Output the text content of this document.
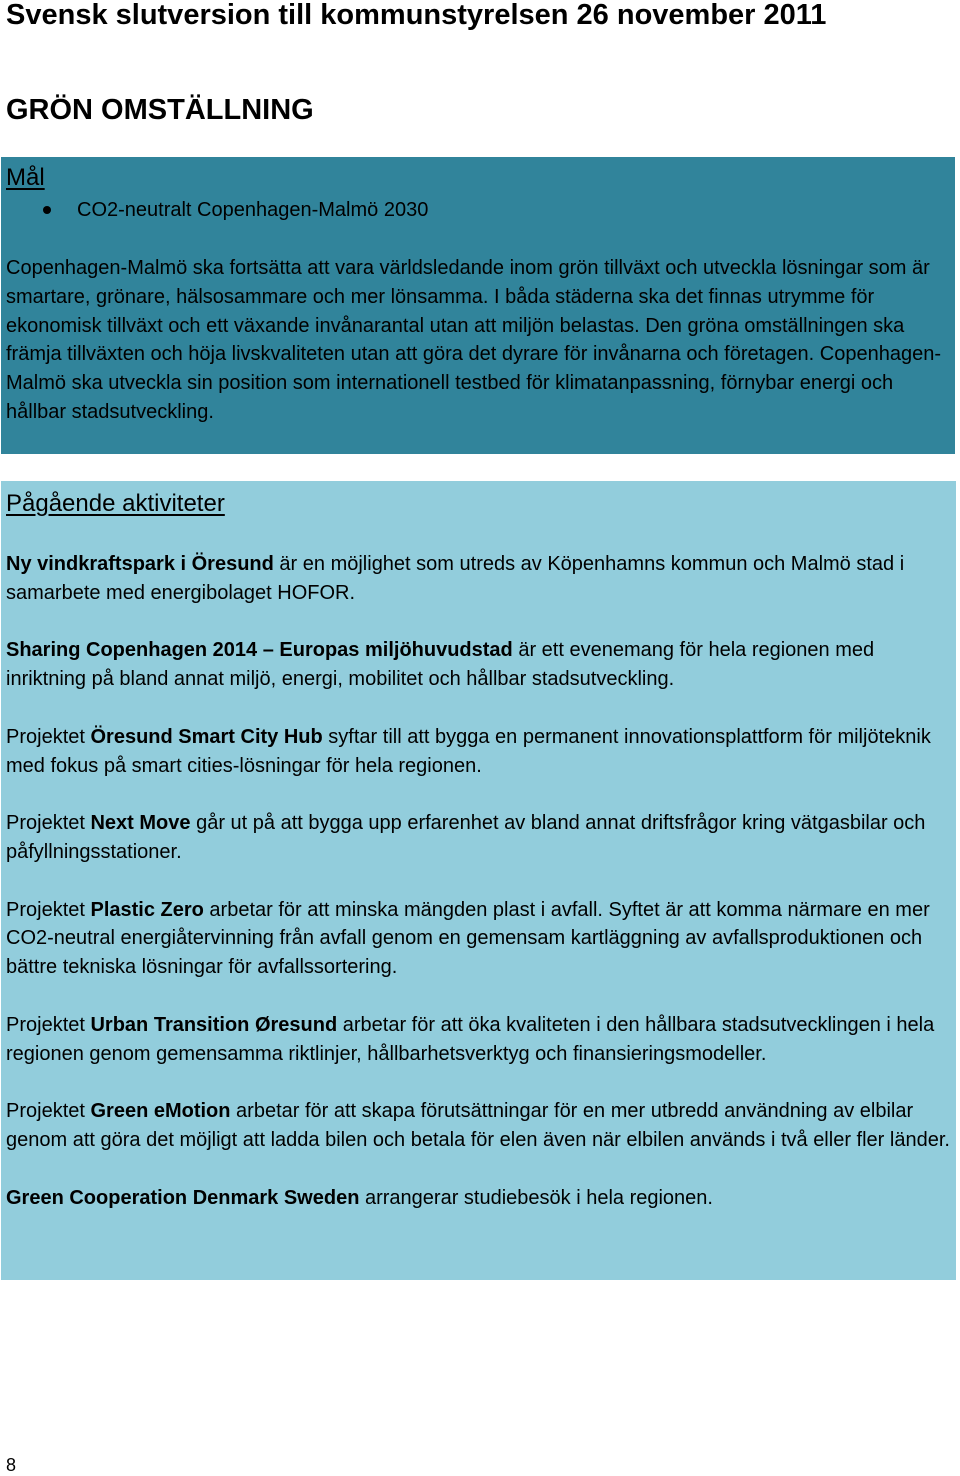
Svensk slutversion till kommunstyrelsen 26 november 2011
GRÖN OMSTÄLLNING
Mål
CO2-neutralt Copenhagen-Malmö 2030

Copenhagen-Malmö ska fortsätta att vara världsledande inom grön tillväxt och utveckla lösningar som är smartare, grönare, hälsosammare och mer lönsamma. I båda städerna ska det finnas utrymme för ekonomisk tillväxt och ett växande invånarantal utan att miljön belastas. Den gröna omställningen ska främja tillväxten och höja livskvaliteten utan att göra det dyrare för invånarna och företagen. Copenhagen-Malmö ska utveckla sin position som internationell testbed för klimatanpassning, förnybar energi och hållbar stadsutveckling.

Pågående aktiviteter

Ny vindkraftspark i Öresund är en möjlighet som utreds av Köpenhamns kommun och Malmö stad i samarbete med energibolaget HOFOR.

Sharing Copenhagen 2014 – Europas miljöhuvudstad är ett evenemang för hela regionen med inriktning på bland annat miljö, energi, mobilitet och hållbar stadsutveckling.

Projektet Öresund Smart City Hub syftar till att bygga en permanent innovationsplattform för miljöteknik med fokus på smart cities-lösningar för hela regionen.

Projektet Next Move går ut på att bygga upp erfarenhet av bland annat driftsfrågor kring vätgasbilar och påfyllningsstationer.

Projektet Plastic Zero arbetar för att minska mängden plast i avfall. Syftet är att komma närmare en mer CO2-neutral energiåtervinning från avfall genom en gemensam kartläggning av avfallsproduktionen och bättre tekniska lösningar för avfallssortering.

Projektet Urban Transition Øresund arbetar för att öka kvaliteten i den hållbara stadsutvecklingen i hela regionen genom gemensamma riktlinjer, hållbarhetsverktyg och finansieringsmodeller.

Projektet Green eMotion arbetar för att skapa förutsättningar för en mer utbredd användning av elbilar genom att göra det möjligt att ladda bilen och betala för elen även när elbilen används i två eller fler länder.

Green Cooperation Denmark Sweden arrangerar studiebesök i hela regionen.

8
